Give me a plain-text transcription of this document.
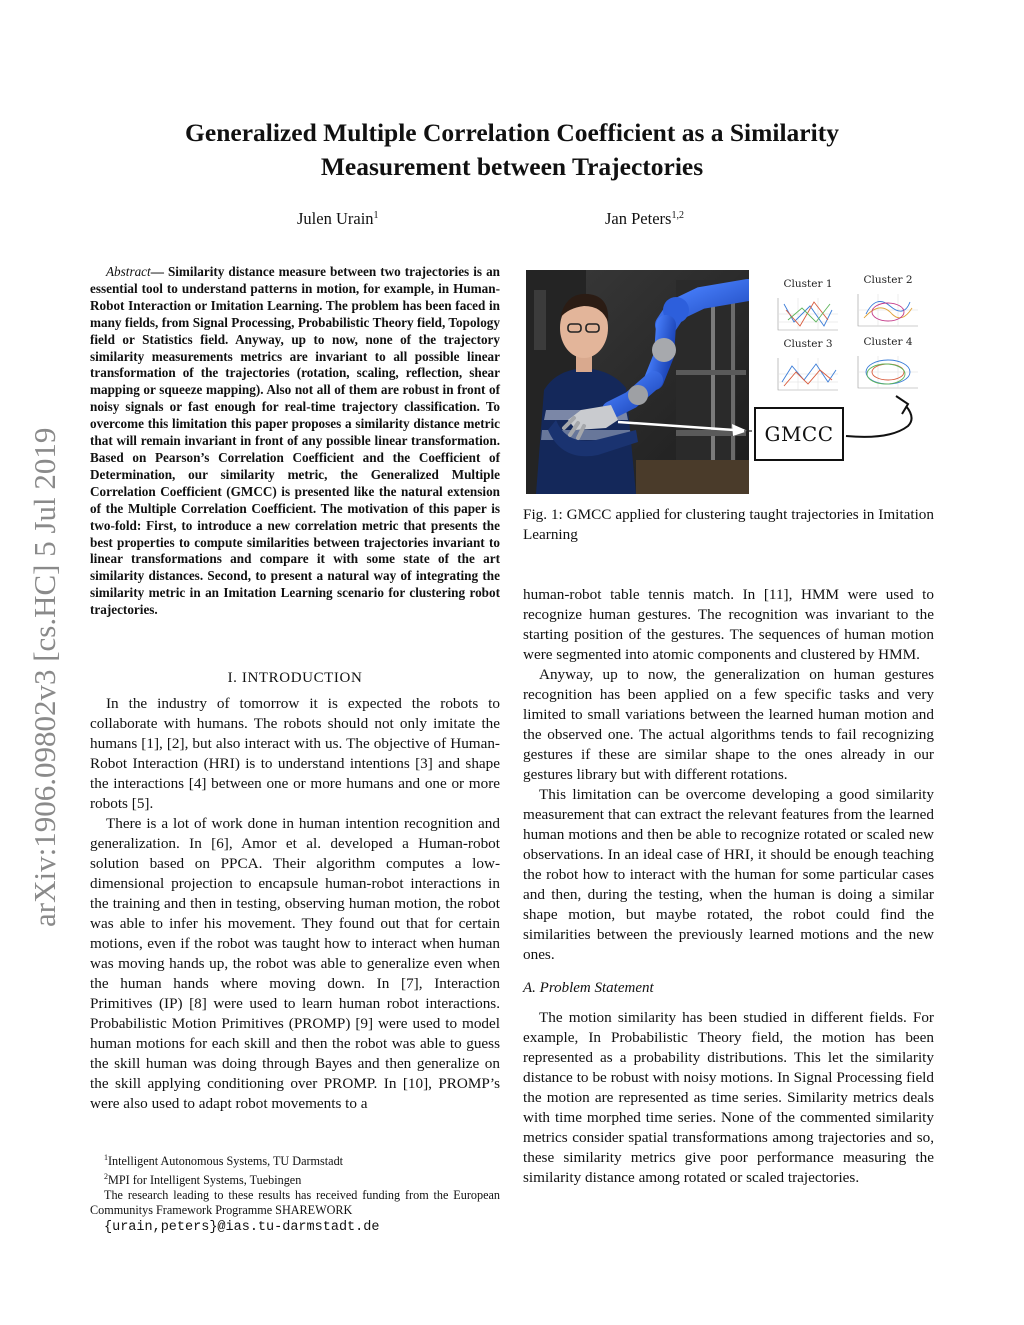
arXiv:1906.09802v3 [cs.HC] 5 Jul 2019
Generalized Multiple Correlation Coefficient as a Similarity
Measurement between Trajectories
Julen Urain$^1$	Jan Peters$^{1,2}$
Abstract— Similarity distance measure between two trajectories is an essential tool to understand patterns in motion, for example, in Human-Robot Interaction or Imitation Learning. The problem has been faced in many fields, from Signal Processing, Probabilistic Theory field, Topology field or Statistics field. Anyway, up to now, none of the trajectory similarity measurements metrics are invariant to all possible linear transformation of the trajectories (rotation, scaling, reflection, shear mapping or squeeze mapping). Also not all of them are robust in front of noisy signals or fast enough for real-time trajectory classification. To overcome this limitation this paper proposes a similarity distance metric that will remain invariant in front of any possible linear transformation. Based on Pearson’s Correlation Coefficient and the Coefficient of Determination, our similarity metric, the Generalized Multiple Correlation Coefficient (GMCC) is presented like the natural extension of the Multiple Correlation Coefficient. The motivation of this paper is two-fold: First, to introduce a new correlation metric that presents the best properties to compute similarities between trajectories invariant to linear transformations and compare it with some state of the art similarity distances. Second, to present a natural way of integrating the similarity metric in an Imitation Learning scenario for clustering robot trajectories.
I. INTRODUCTION

In the industry of tomorrow it is expected the robots to collaborate with humans. The robots should not only imitate the humans [1], [2], but also interact with us. The objective of Human-Robot Interaction (HRI) is to understand intentions [3] and shape the interactions [4] between one or more humans and one or more robots [5].

There is a lot of work done in human intention recognition and generalization. In [6], Amor et al. developed a Human-robot solution based on PPCA. Their algorithm computes a low-dimensional projection to encapsule human-robot interactions in the training and then in testing, observing human motion, the robot was able to infer his movement. They found out that for certain motions, even if the robot was taught how to interact when human was moving hands up, the robot was able to generalize even when the human hands where moving down. In [7], Interaction Primitives (IP) [8] were used to learn human robot interactions. Probabilistic Motion Primitives (PROMP) [9] were used to model human motions for each skill and then the robot was able to guess the skill human was doing through Bayes and then generalize on the skill applying conditioning over PROMP. In [10], PROMP’s were also used to adapt robot movements to a

$^1$Intelligent Autonomous Systems, TU Darmstadt
$^2$MPI for Intelligent Systems, Tuebingen
The research leading to these results has received funding from the European Communitys Framework Programme SHAREWORK
{urain,peters}@ias.tu-darmstadt.de
Cluster 1	Cluster 2
Cluster 3	Cluster 4
GMCC
Fig. 1: GMCC applied for clustering taught trajectories in Imitation Learning

human-robot table tennis match. In [11], HMM were used to recognize human gestures. The recognition was invariant to the starting position of the gestures. The sequences of human motion were segmented into atomic components and clustered by HMM.

Anyway, up to now, the generalization on human gestures recognition has been applied on a few specific tasks and very limited to small variations between the learned human motion and the observed one. The actual algorithms tends to fail recognizing gestures if these are similar shape to the ones already in our gestures library but with different rotations.

This limitation can be overcome developing a good similarity measurement that can extract the relevant features from the learned human motions and then be able to recognize rotated or scaled new observations. In an ideal case of HRI, it should be enough teaching the robot how to interact with the human for some particular cases and then, during the testing, when the human is doing a similar shape motion, but maybe rotated, the robot could find the similarities between the previously learned motions and the new ones.

A. Problem Statement

The motion similarity has been studied in different fields. For example, In Probabilistic Theory field, the motion has been represented as a probability distributions. This let the similarity distance to be robust with noisy motions. In Signal Processing field the motion are represented as time series. Similarity metrics deals with time morphed time series. None of the commented similarity metrics consider spatial transformations among trajectories and so, these similarity metrics give poor performance measuring the similarity distance among rotated or scaled trajectories.
